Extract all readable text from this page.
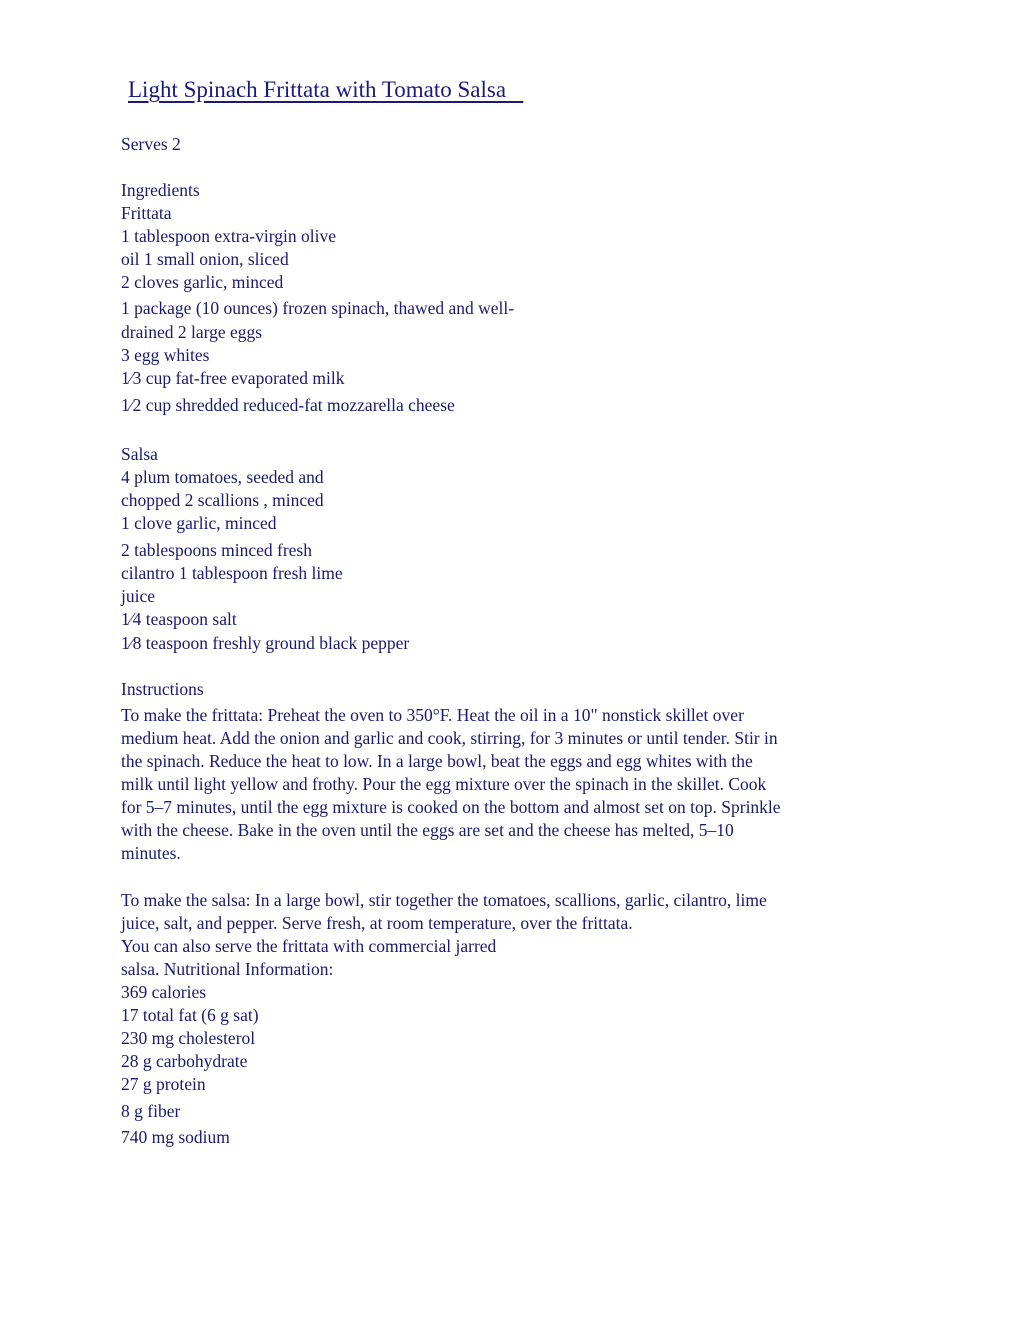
Light Spinach Frittata with Tomato Salsa
Serves 2
Ingredients
Frittata
1 tablespoon extra-virgin olive
oil 1 small onion, sliced
2 cloves garlic, minced
1 package (10 ounces) frozen spinach, thawed and well-
drained 2 large eggs
3 egg whites
1⁄3 cup fat-free evaporated milk
1⁄2 cup shredded reduced-fat mozzarella cheese
Salsa
4 plum tomatoes, seeded and
chopped 2 scallions , minced
1 clove garlic, minced
2 tablespoons minced fresh
cilantro 1 tablespoon fresh lime
juice
1⁄4 teaspoon salt
1⁄8 teaspoon freshly ground black pepper
Instructions
To make the frittata: Preheat the oven to 350°F. Heat the oil in a 10" nonstick skillet over
medium heat. Add the onion and garlic and cook, stirring, for 3 minutes or until tender. Stir in
the spinach. Reduce the heat to low. In a large bowl, beat the eggs and egg whites with the
milk until light yellow and frothy. Pour the egg mixture over the spinach in the skillet. Cook
for 5–7 minutes, until the egg mixture is cooked on the bottom and almost set on top. Sprinkle
with the cheese. Bake in the oven until the eggs are set and the cheese has melted, 5–10
minutes.
To make the salsa: In a large bowl, stir together the tomatoes, scallions, garlic, cilantro, lime
juice, salt, and pepper. Serve fresh, at room temperature, over the frittata.
You can also serve the frittata with commercial jarred
salsa. Nutritional Information:
369 calories
17 total fat (6 g sat)
230 mg cholesterol
28 g carbohydrate
27 g protein
8 g fiber
740 mg sodium
